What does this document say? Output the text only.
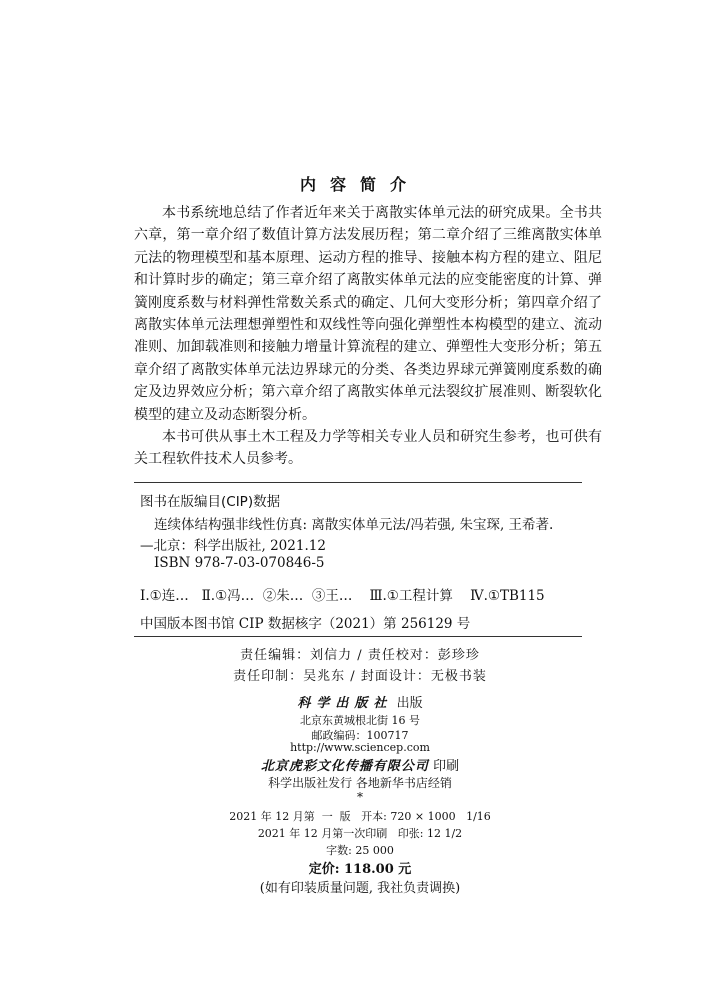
内容简介

本书系统地总结了作者近年来关于离散实体单元法的研究成果。全书共六章，第一章介绍了数值计算方法发展历程；第二章介绍了三维离散实体单元法的物理模型和基本原理、运动方程的推导、接触本构方程的建立、阻尼和计算时步的确定；第三章介绍了离散实体单元法的应变能密度的计算、弹簧刚度系数与材料弹性常数关系式的确定、几何大变形分析；第四章介绍了离散实体单元法理想弹塑性和双线性等向强化弹塑性本构模型的建立、流动准则、加卸载准则和接触力增量计算流程的建立、弹塑性大变形分析；第五章介绍了离散实体单元法边界球元的分类、各类边界球元弹簧刚度系数的确定及边界效应分析；第六章介绍了离散实体单元法裂纹扩展准则、断裂软化模型的建立及动态断裂分析。

本书可供从事土木工程及力学等相关专业人员和研究生参考，也可供有关工程软件技术人员参考。

图书在版编目(CIP)数据
连续体结构强非线性仿真: 离散实体单元法/冯若强, 朱宝琛, 王希著.
—北京：科学出版社, 2021.12
ISBN 978-7-03-070846-5
Ⅰ.①连…   Ⅱ.①冯…  ②朱…  ③王…    Ⅲ.①工程计算    Ⅳ.①TB115
中国版本图书馆 CIP 数据核字（2021）第 256129 号
责任编辑：刘信力 / 责任校对：彭珍珍
责任印制：吴兆东 / 封面设计：无极书装
科学出版社 出版
北京东黄城根北街 16 号
邮政编码：100717
http://www.sciencep.com
北京虎彩文化传播有限公司 印刷
科学出版社发行 各地新华书店经销
*
2021 年 12 月第  一  版   开本: 720 × 1000   1/16
2021 年 12 月第一次印刷   印张: 12 1/2
字数: 25 000
定价: 118.00 元
(如有印装质量问题, 我社负责调换)
